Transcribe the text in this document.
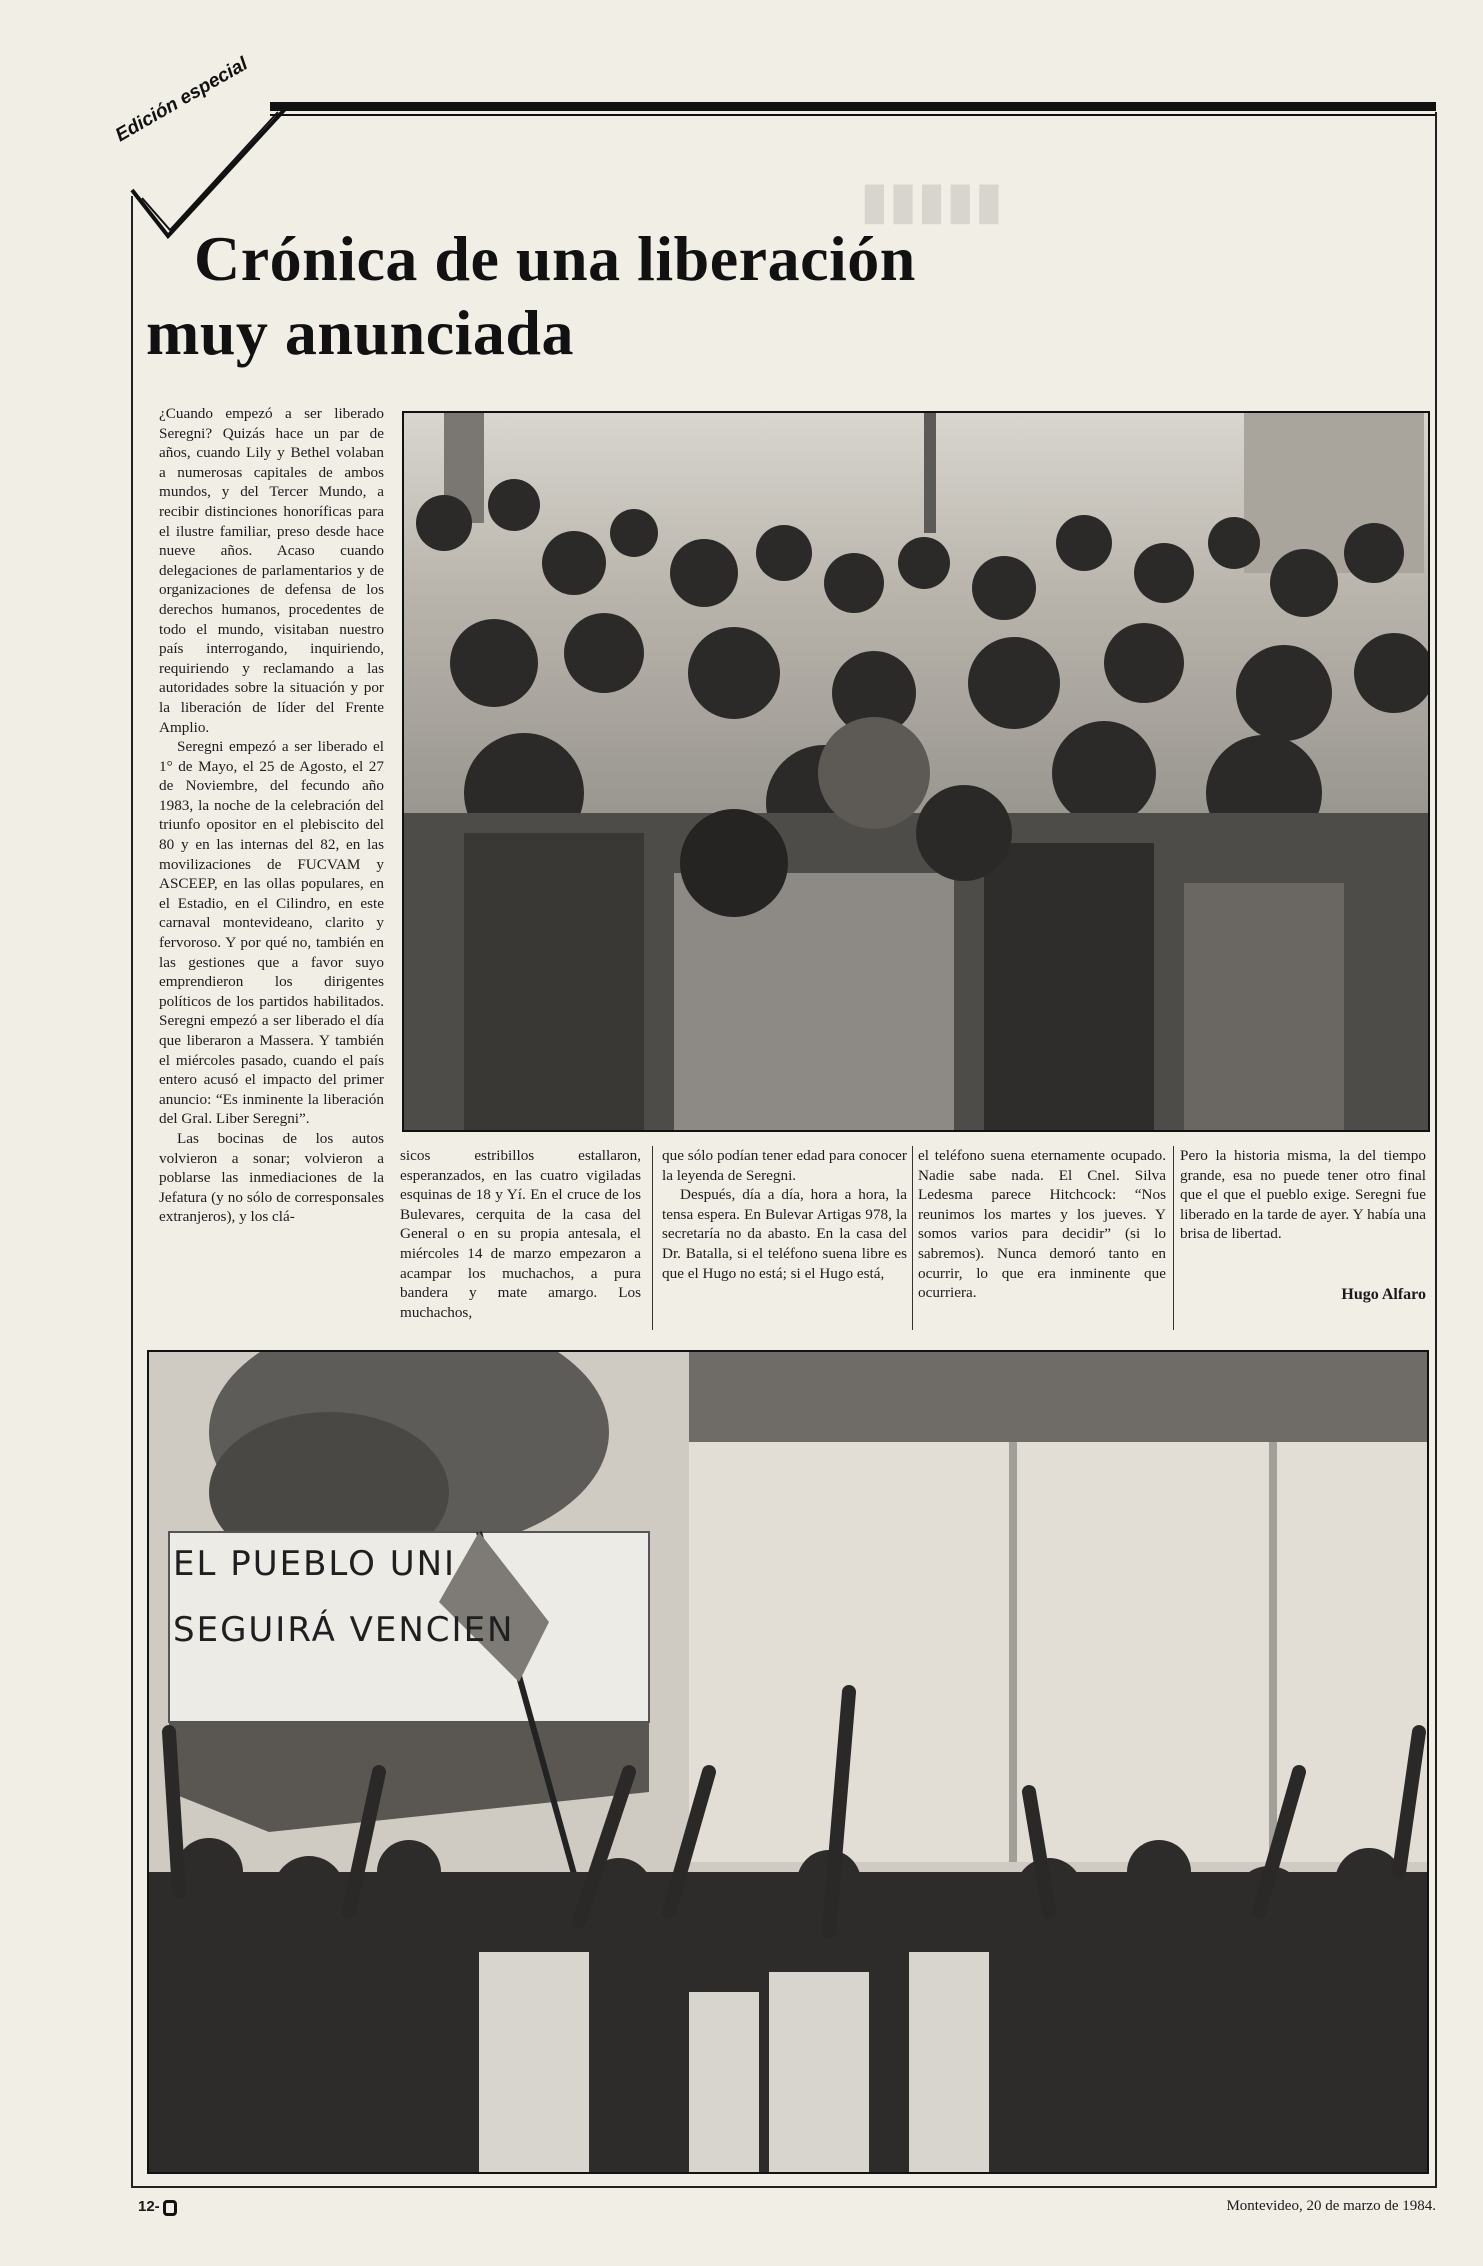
▮▮▮▮▮
Edición especial
Crónica de una liberación
muy anunciada

¿Cuando empezó a ser liberado Seregni? Quizás hace un par de años, cuando Lily y Bethel volaban a numerosas capitales de ambos mundos, y del Tercer Mundo, a recibir distinciones honoríficas para el ilustre familiar, preso desde hace nueve años. Acaso cuando delegaciones de parlamentarios y de organizaciones de defensa de los derechos humanos, procedentes de todo el mundo, visitaban nuestro país interrogando, inquiriendo, requiriendo y reclamando a las autoridades sobre la situación y por la liberación de líder del Frente Amplio.

Seregni empezó a ser liberado el 1° de Mayo, el 25 de Agosto, el 27 de Noviembre, del fecundo año 1983, la noche de la celebración del triunfo opositor en el plebiscito del 80 y en las internas del 82, en las movilizaciones de FUCVAM y ASCEEP, en las ollas populares, en el Estadio, en el Cilindro, en este carnaval montevideano, clarito y fervoroso. Y por qué no, también en las gestiones que a favor suyo emprendieron los dirigentes políticos de los partidos habilitados. Seregni empezó a ser liberado el día que liberaron a Massera. Y también el miércoles pasado, cuando el país entero acusó el impacto del primer anuncio: “Es inminente la liberación del Gral. Liber Seregni”.

Las bocinas de los autos volvieron a sonar; volvieron a poblarse las inmediaciones de la Jefatura (y no sólo de corresponsales extranjeros), y los clá-

sicos estribillos estallaron, esperanzados, en las cuatro vigiladas esquinas de 18 y Yí. En el cruce de los Bulevares, cerquita de la casa del General o en su propia antesala, el miércoles 14 de marzo empezaron a acampar los muchachos, a pura bandera y mate amargo. Los muchachos,

que sólo podían tener edad para conocer la leyenda de Seregni.

Después, día a día, hora a hora, la tensa espera. En Bulevar Artigas 978, la secretaría no da abasto. En la casa del Dr. Batalla, si el teléfono suena libre es que el Hugo no está; si el Hugo está,

el teléfono suena eternamente ocupado. Nadie sabe nada. El Cnel. Silva Ledesma parece Hitchcock: “Nos reunimos los martes y los jueves. Y somos varios para decidir” (si lo sabremos). Nunca demoró tanto en ocurrir, lo que era inminente que ocurriera.

Pero la historia misma, la del tiempo grande, esa no puede tener otro final que el que el pueblo exige. Seregni fue liberado en la tarde de ayer. Y había una brisa de libertad.

Hugo Alfaro
EL PUEBLO UNI
SEGUIRÁ VENCIEN
12-	Montevideo, 20 de marzo de 1984.
